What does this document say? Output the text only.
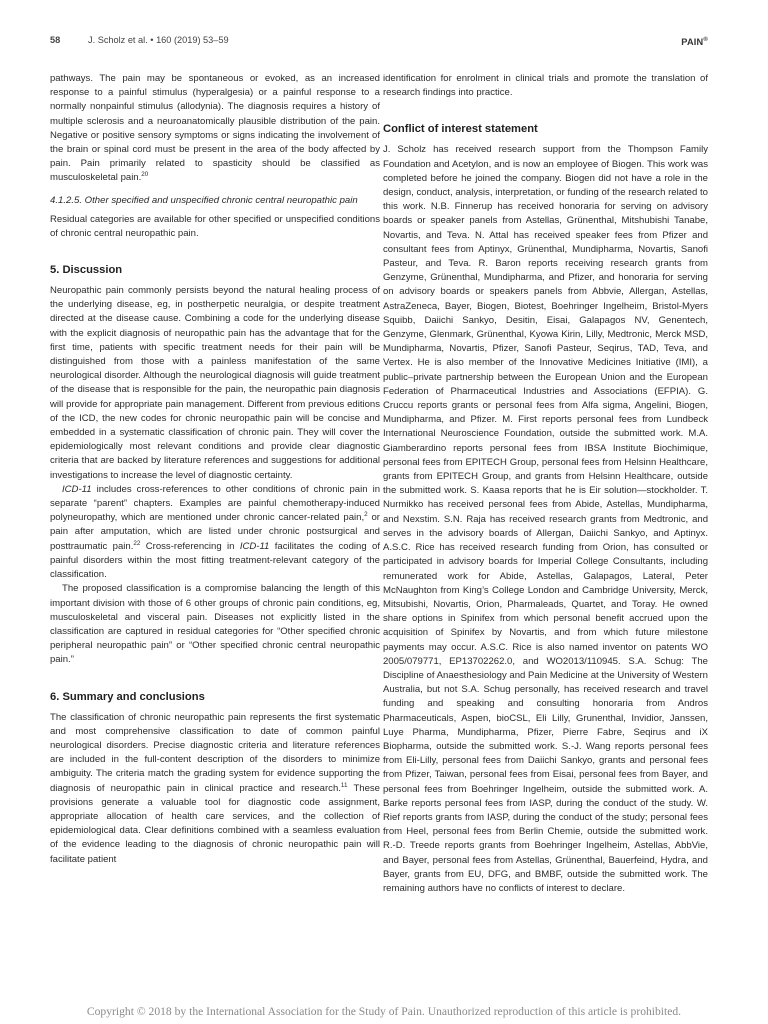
58	J. Scholz et al. • 160 (2019) 53–59	PAIN®

pathways. The pain may be spontaneous or evoked, as an increased response to a painful stimulus (hyperalgesia) or a painful response to a normally nonpainful stimulus (allodynia). The diagnosis requires a history of multiple sclerosis and a neuroanatomically plausible distribution of the pain. Negative or positive sensory symptoms or signs indicating the involvement of the brain or spinal cord must be present in the area of the body affected by pain. Pain primarily related to spasticity should be classified as musculoskeletal pain.$^{20}$

4.1.2.5. Other specified and unspecified chronic central neuropathic pain

Residual categories are available for other specified or unspecified conditions of chronic central neuropathic pain.

5. Discussion

Neuropathic pain commonly persists beyond the natural healing process of the underlying disease, eg, in postherpetic neuralgia, or despite treatment directed at the disease cause. Combining a code for the underlying disease with the explicit diagnosis of neuropathic pain has the advantage that for the first time, patients with specific treatment needs for their pain will be distinguished from those with a painless manifestation of the same neurological disorder. Although the neurological diagnosis will guide treatment of the disease that is responsible for the pain, the neuropathic pain diagnosis will provide for appropriate pain management. Different from previous editions of the ICD, the new codes for chronic neuropathic pain will be concise and embedded in a systematic classification of chronic pain. They will cover the epidemiologically most relevant conditions and provide clear diagnostic criteria that are backed by literature references and suggestions for additional investigations to increase the level of diagnostic certainty.

ICD-11 includes cross-references to other conditions of chronic pain in separate “parent” chapters. Examples are painful chemotherapy-induced polyneuropathy, which are mentioned under chronic cancer-related pain,$^2$ or pain after amputation, which are listed under chronic postsurgical and posttraumatic pain.$^{22}$ Cross-referencing in ICD-11 facilitates the coding of painful disorders within the most fitting treatment-relevant category of the classification.

The proposed classification is a compromise balancing the length of this important division with those of 6 other groups of chronic pain conditions, eg, musculoskeletal and visceral pain. Diseases not explicitly listed in the classification are captured in residual categories for “Other specified chronic peripheral neuropathic pain” or “Other specified chronic central neuropathic pain.”

6. Summary and conclusions

The classification of chronic neuropathic pain represents the first systematic and most comprehensive classification to date of common painful neurological disorders. Precise diagnostic criteria and literature references are included in the full-content description of the disorders to minimize ambiguity. The criteria match the grading system for evidence supporting the diagnosis of neuropathic pain in clinical practice and research.$^{11}$ These provisions generate a valuable tool for diagnostic code assignment, appropriate allocation of health care services, and the collection of epidemiological data. Clear definitions combined with a seamless evaluation of the evidence leading to the diagnosis of chronic neuropathic pain will facilitate patient

identification for enrolment in clinical trials and promote the translation of research findings into practice.

Conflict of interest statement

J. Scholz has received research support from the Thompson Family Foundation and Acetylon, and is now an employee of Biogen. This work was completed before he joined the company. Biogen did not have a role in the design, conduct, analysis, interpretation, or funding of the research related to this work. N.B. Finnerup has received honoraria for serving on advisory boards or speaker panels from Astellas, Grünenthal, Mitshubishi Tanabe, Novartis, and Teva. N. Attal has received speaker fees from Pfizer and consultant fees from Aptinyx, Grünenthal, Mundipharma, Novartis, Sanofi Pasteur, and Teva. R. Baron reports receiving research grants from Genzyme, Grünenthal, Mundipharma, and Pfizer, and honoraria for serving on advisory boards or speakers panels from Abbvie, Allergan, Astellas, AstraZeneca, Bayer, Biogen, Biotest, Boehringer Ingelheim, Bristol-Myers Squibb, Daiichi Sankyo, Desitin, Eisai, Galapagos NV, Genentech, Genzyme, Glenmark, Grünenthal, Kyowa Kirin, Lilly, Medtronic, Merck MSD, Mundipharma, Novartis, Pfizer, Sanofi Pasteur, Seqirus, TAD, Teva, and Vertex. He is also member of the Innovative Medicines Initiative (IMI), a public–private partnership between the European Union and the European Federation of Pharmaceutical Industries and Associations (EFPIA). G. Cruccu reports grants or personal fees from Alfa sigma, Angelini, Biogen, Mundipharma, and Pfizer. M. First reports personal fees from Lundbeck International Neuroscience Foundation, outside the submitted work. M.A. Giamberardino reports personal fees from IBSA Institute Biochimique, personal fees from EPITECH Group, personal fees from Helsinn Healthcare, grants from EPITECH Group, and grants from Helsinn Healthcare, outside the submitted work. S. Kaasa reports that he is Eir solution—stockholder. T. Nurmikko has received personal fees from Abide, Astellas, Mundipharma, and Nexstim. S.N. Raja has received research grants from Medtronic, and serves in the advisory boards of Allergan, Daiichi Sankyo, and Aptinyx. A.S.C. Rice has received research funding from Orion, has consulted or participated in advisory boards for Imperial College Consultants, including remunerated work for Abide, Astellas, Galapagos, Lateral, Peter McNaughton from King’s College London and Cambridge University, Merck, Mitsubishi, Novartis, Orion, Pharmaleads, Quartet, and Toray. He owned share options in Spinifex from which personal benefit accrued upon the acquisition of Spinifex by Novartis, and from which future milestone payments may occur. A.S.C. Rice is also named inventor on patents WO 2005/079771, EP13702262.0, and WO2013/110945. S.A. Schug: The Discipline of Anaesthesiology and Pain Medicine at the University of Western Australia, but not S.A. Schug personally, has received research and travel funding and speaking and consulting honoraria from Andros Pharmaceuticals, Aspen, bioCSL, Eli Lilly, Grunenthal, Invidior, Janssen, Luye Pharma, Mundipharma, Pfizer, Pierre Fabre, Seqirus and iX Biopharma, outside the submitted work. S.-J. Wang reports personal fees from Eli-Lilly, personal fees from Daiichi Sankyo, grants and personal fees from Pfizer, Taiwan, personal fees from Eisai, personal fees from Bayer, and personal fees from Boehringer Ingelheim, outside the submitted work. A. Barke reports personal fees from IASP, during the conduct of the study. W. Rief reports grants from IASP, during the conduct of the study; personal fees from Heel, personal fees from Berlin Chemie, outside the submitted work. R.-D. Treede reports grants from Boehringer Ingelheim, Astellas, AbbVie, and Bayer, personal fees from Astellas, Grünenthal, Bauerfeind, Hydra, and Bayer, grants from EU, DFG, and BMBF, outside the submitted work. The remaining authors have no conflicts of interest to declare.

Copyright © 2018 by the International Association for the Study of Pain. Unauthorized reproduction of this article is prohibited.
